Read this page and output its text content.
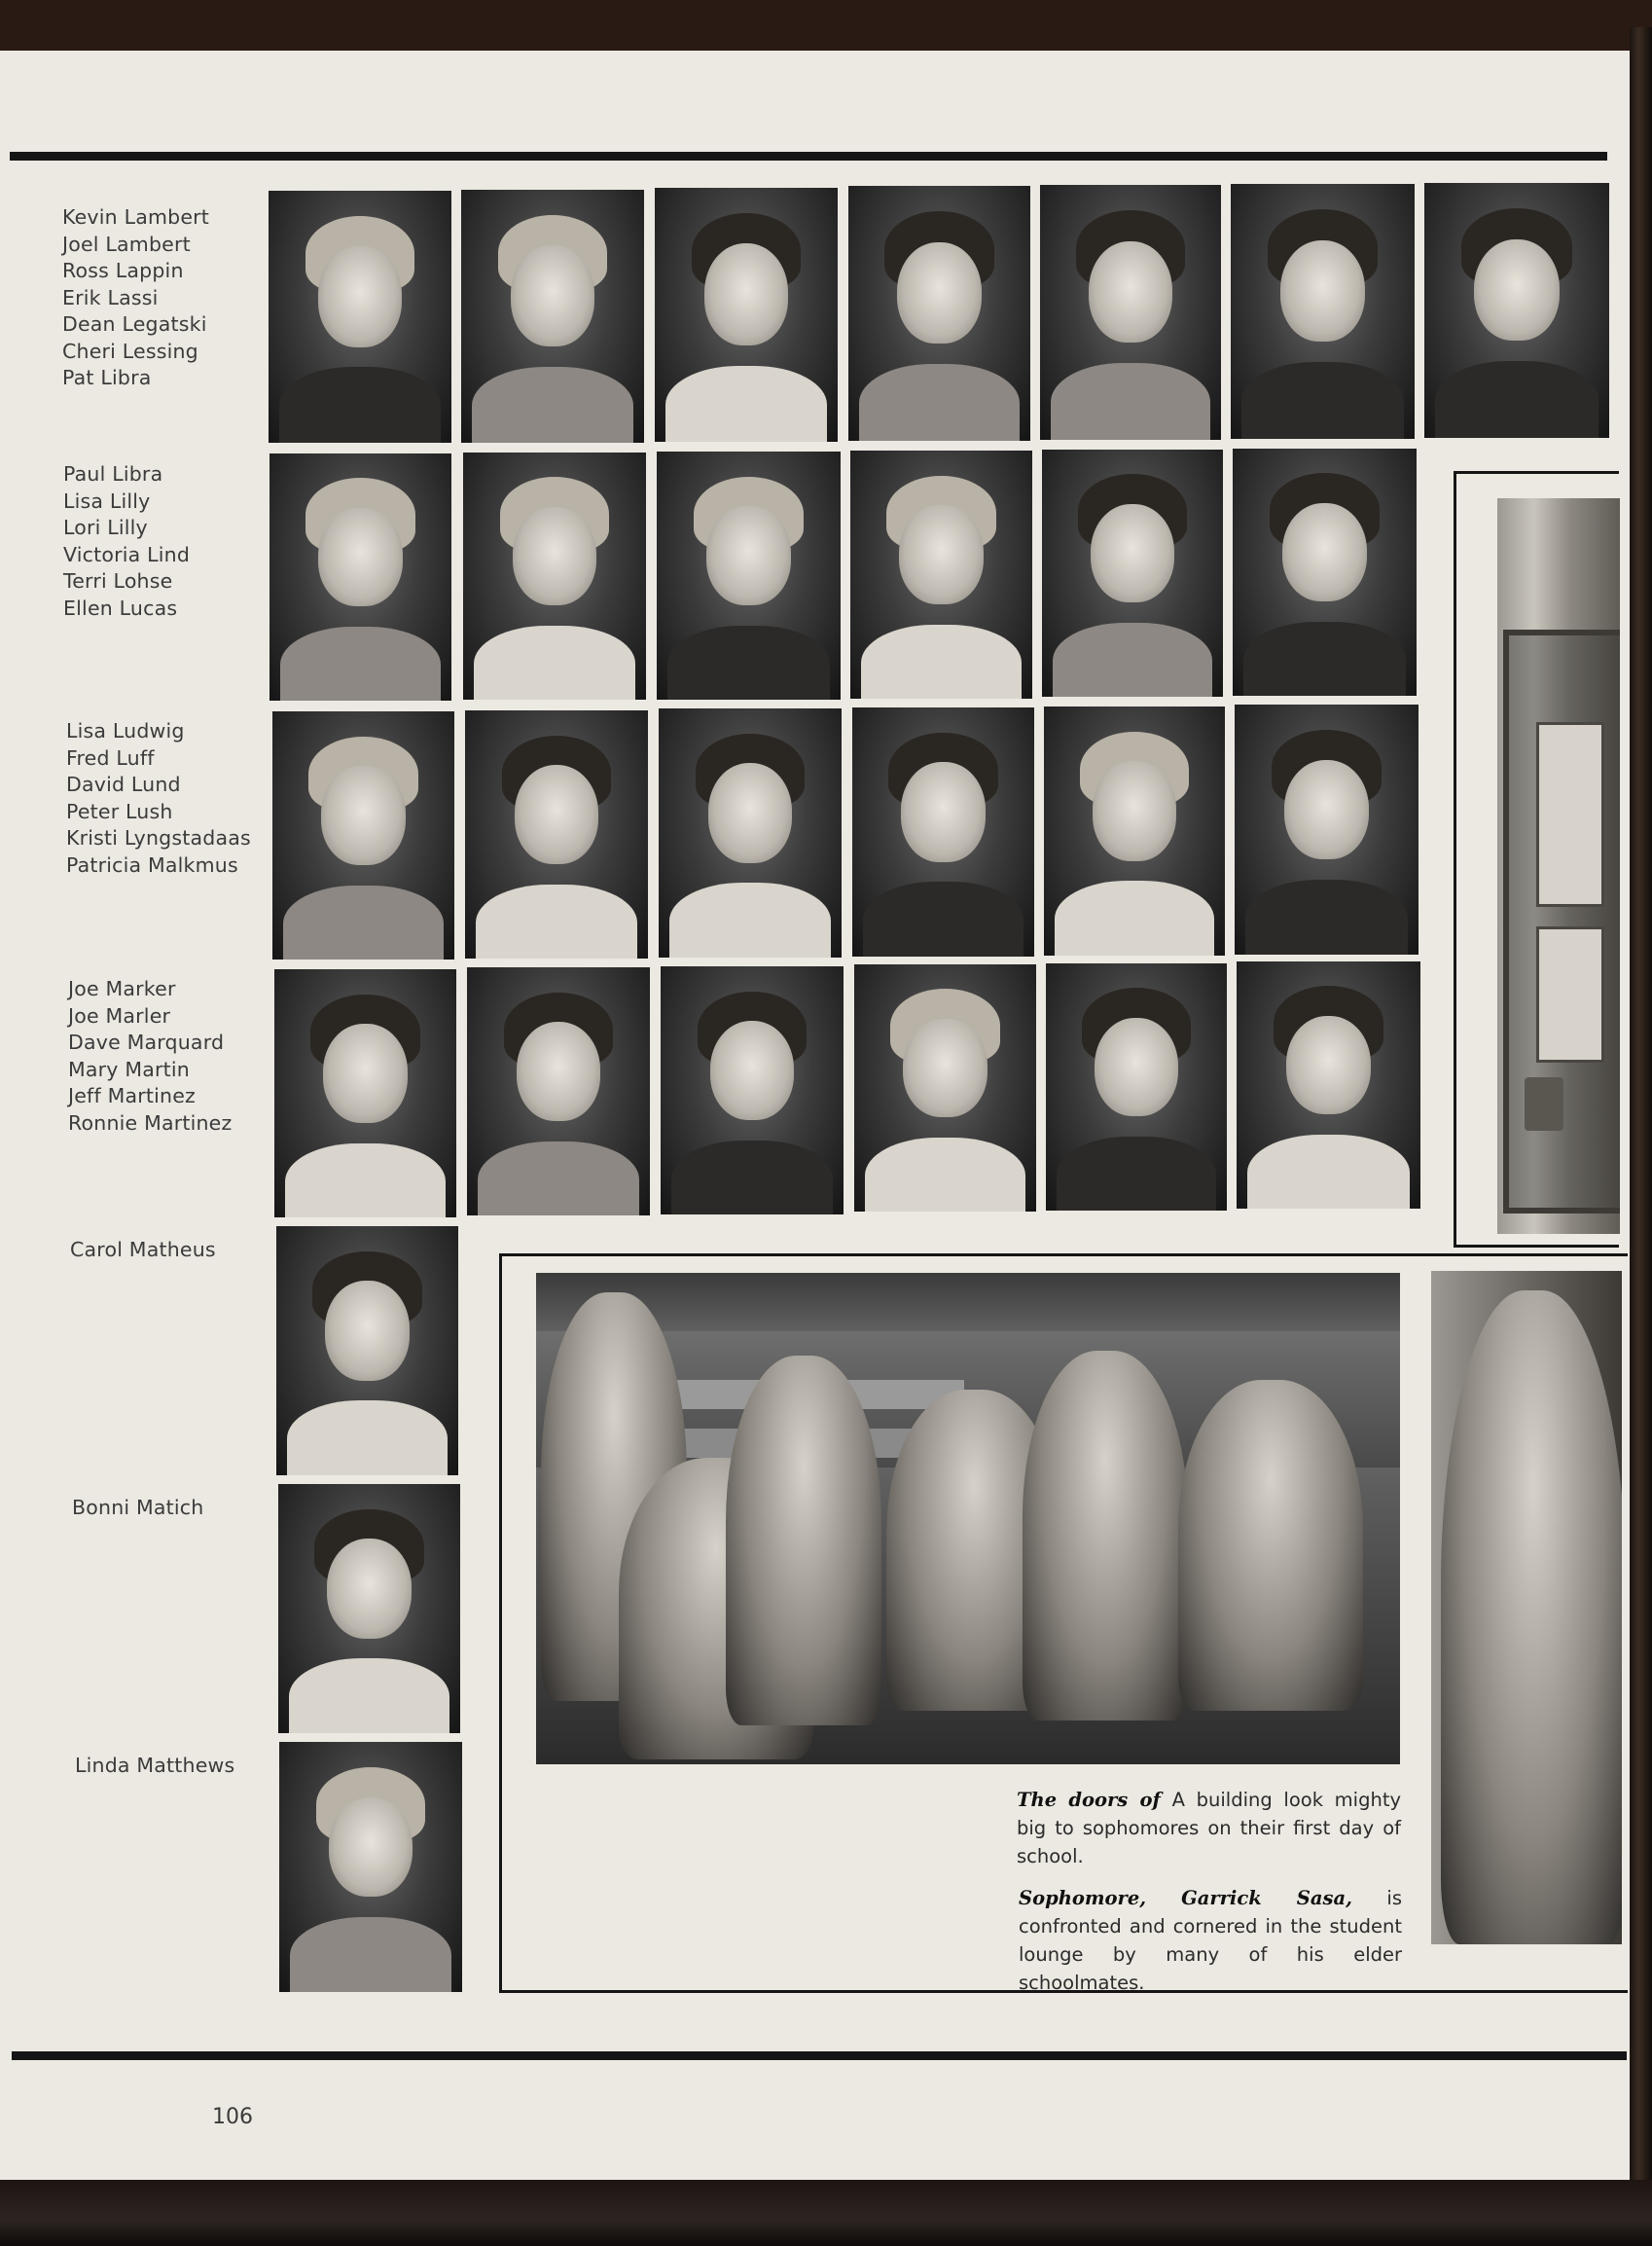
Kevin Lambert
Joel Lambert
Ross Lappin
Erik Lassi
Dean Legatski
Cheri Lessing
Pat Libra
Paul Libra
Lisa Lilly
Lori Lilly
Victoria Lind
Terri Lohse
Ellen Lucas
Lisa Ludwig
Fred Luff
David Lund
Peter Lush
Kristi Lyngstadaas
Patricia Malkmus
Joe Marker
Joe Marler
Dave Marquard
Mary Martin
Jeff Martinez
Ronnie Martinez
Carol Matheus
Bonni Matich
Linda Matthews
The doors of A building look mighty big to sophomores on their first day of school.
Sophomore, Garrick Sasa, is confronted and cornered in the student lounge by many of his elder schoolmates.
106
